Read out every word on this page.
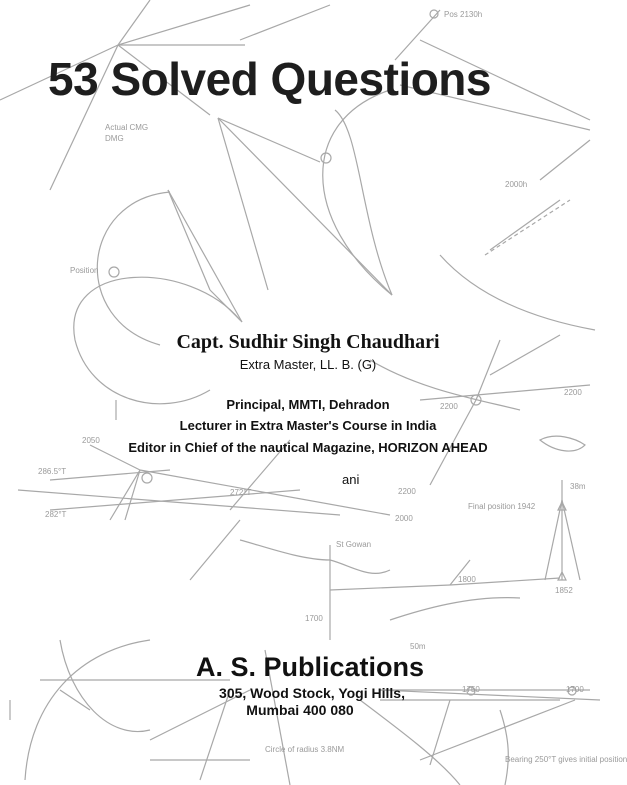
Pos 2130h
Actual CMG
DMG
Position
2000h
2200
2200
2200
2050
286.5°T
282°T
272°T
2000
Final position 1942
38m
St Gowan
1800
1852
1700
50m
1750	1700
Bearing 250°T gives initial position
Circle of radius 3.8NM
53 Solved Questions
Capt. Sudhir Singh Chaudhari
Extra Master, LL. B. (G)
Principal, MMTI, Dehradon
Lecturer in Extra Master's Course in India
Editor in Chief of the nautical Magazine, HORIZON AHEAD
ani
A. S. Publications
305, Wood Stock, Yogi Hills,
Mumbai 400 080
